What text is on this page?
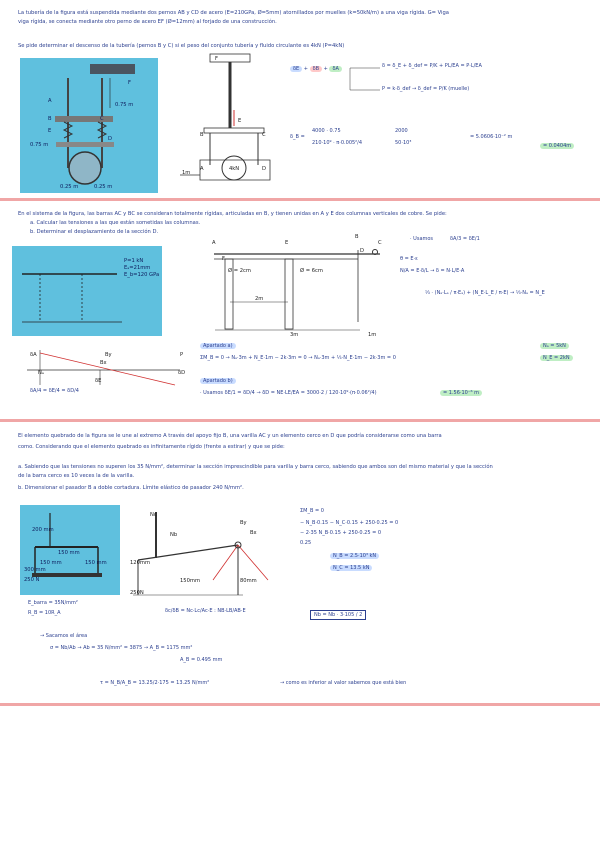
La tubería de la figura está suspendida mediante dos pernos AB y CD de acero (E=210GPa, Ø=5mm) atornillados por muelles (k=50kN/m) a una viga rígida. G= Viga
viga rígida, se conecta mediante otro perno de acero EF (Ø=12mm) al forjado de una construcción.
Se pide determinar el descenso de la tubería (pernos B y C) si el peso del conjunto tubería y fluido circulante es 4kN (P=4kN)
A
B	C
D
E
F
0.75 m
0.75 m
0.25 m	0.25 m
F
E
B	C
A	D
4kN
1m
δE + δB + δA	δ = δ_E + δ_def = P/K + PL/EA = P·L/EA
P = k·δ_def → δ_def = P/K (muelle)
δ_B =
4000 · 0.75
210·10⁹ · π·0.005²/4
2000
50·10³
= 5.0606·10⁻² m
= 0.0404m
En el sistema de la figura, las barras AC y BC se consideran totalmente rígidas, articuladas en B, y tienen unidas en A y E dos columnas verticales de cobre. Se pide:
a. Calcular las tensiones a las que están sometidas las columnas.
b. Determinar el desplazamiento de la sección D.
P=1 kN
Eₐ=21mm
E_b=120 GPa
A
B
C
D
E
F
Ø = 2cm	Ø = 6cm
2m
3m	1m
· Usamos	δA/3 = δE/1
θ = E·ε
N/A = E·δ/L → δ = N·L/E·A
⅓ · (Nₐ·Lₐ / π·Eₐ) + (N_E·L_E / π·E) → ⅓·Nₐ = N_E
δA
Nₐ
Bx
By
δE
δD
P
δA/4 = δE/4 = δD/4
Apartado a)
ΣM_B = 0 → Nₐ·3m + N_E·1m − 2k·3m = 0 → Nₐ·3m + ⅓·N_E·1m − 2k·3m = 0
Nₐ = 5kN
N_E = 2kN
Apartado b)
· Usamos δE/1 = δD/4 → δD = NE·LE/EA = 3000·2 / 120·10⁹·(π·0.06²/4)	= 1.56·10⁻⁶ m
El elemento quebrado de la figura se le une al extremo A través del apoyo fijo B, una varilla AC y un elemento cerco en D que podría considerarse como una barra
como. Considerando que el elemento quebrado es infinitamente rígido (frente a estirar) y que se pide:
a. Sabiendo que las tensiones no superen los 35 N/mm², determinar la sección imprescindible para varilla y barra cerco, sabiendo que ambos son del mismo material y que la sección
de la barra cerco es 10 veces la de la varilla.
b. Dimensionar el pasador B a doble cortadura. Límite elástico de pasador 240 N/mm².
200 mm
150 mm
150 mm	150 mm
300 mm
250 N
E_barra = 35N/mm²
R_B = 10R_A
Nc
Nb	Bx
By
120mm
150mm	80mm
250N
ΣM_B = 0
− N_B·0.15 − N_C·0.15 + 250·0.25 = 0
− 2·35 N_B·0.15 + 250·0.25 = 0
0.25
N_B = 2.5·10³ kN
N_C = 13.5 kN
δc/δB = Nc·Lc/Ac·E : NB·LB/AB·E
Nb = Nb · 3·105 / 2
→ Sacamos el área
σ = Nb/Ab → Ab = 35 N/mm² = 3875 → A_B = 1175 mm²
A_B = 0.495 mm
τ = N_B/A_B = 13.25/2·175 = 13.25 N/mm²	→ como es inferior al valor sabemos que está bien
